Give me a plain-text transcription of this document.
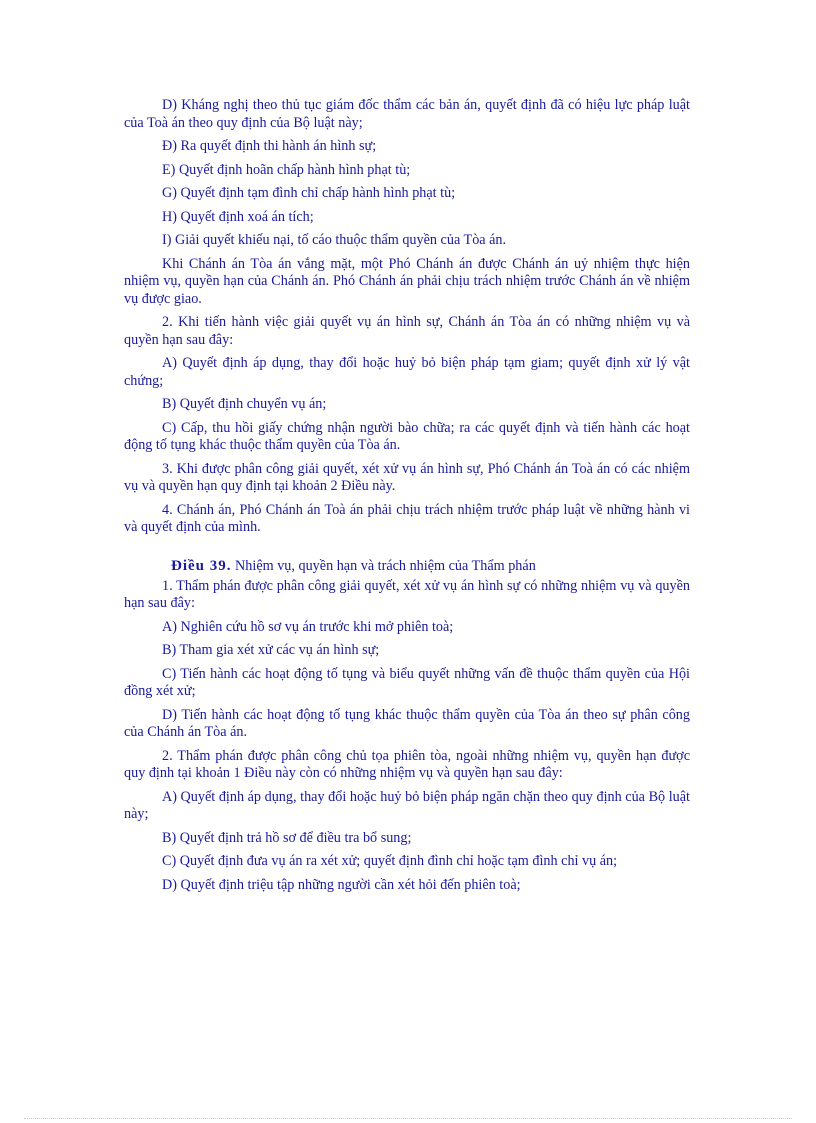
D) Kháng nghị theo thủ tục giám đốc thẩm các bản án, quyết định đã có hiệu lực pháp luật của Toà án theo quy định của Bộ luật này;

Đ) Ra quyết định thi hành án hình sự;

E) Quyết định hoãn chấp hành hình phạt tù;

G) Quyết định tạm đình chỉ chấp hành hình phạt tù;

H) Quyết định xoá án tích;

I) Giải quyết khiếu nại, tố cáo thuộc thẩm quyền của Tòa án.

Khi Chánh án Tòa án vắng mặt, một Phó Chánh án được Chánh án uỷ nhiệm thực hiện nhiệm vụ, quyền hạn của Chánh án. Phó Chánh án phải chịu trách nhiệm trước Chánh án về nhiệm vụ được giao.

2. Khi tiến hành việc giải quyết vụ án hình sự, Chánh án Tòa án có những nhiệm vụ và quyền hạn sau đây:

A) Quyết định áp dụng, thay đổi hoặc huỷ bỏ biện pháp tạm giam; quyết định xử lý vật chứng;

B) Quyết định chuyển vụ án;

C) Cấp, thu hồi giấy chứng nhận người bào chữa; ra các quyết định và tiến hành các hoạt động tố tụng khác thuộc thẩm quyền của Tòa án.

3. Khi được phân công giải quyết, xét xử vụ án hình sự, Phó Chánh án Toà án có các nhiệm vụ và quyền hạn quy định tại khoản 2 Điều này.

4. Chánh án, Phó Chánh án Toà án phải chịu trách nhiệm trước pháp luật về những hành vi và quyết định của mình.

Điều 39. Nhiệm vụ, quyền hạn và trách nhiệm của Thẩm phán

1. Thẩm phán được phân công giải quyết, xét xử vụ án hình sự có những nhiệm vụ và quyền hạn sau đây:

A) Nghiên cứu hồ sơ vụ án trước khi mở phiên toà;

B) Tham gia xét xử các vụ án hình sự;

C) Tiến hành các hoạt động tố tụng và biểu quyết những vấn đề thuộc thẩm quyền của Hội đồng xét xử;

D) Tiến hành các hoạt động tố tụng khác thuộc thẩm quyền của Tòa án theo sự phân công của Chánh án Tòa án.

2. Thẩm phán được phân công chủ tọa phiên tòa, ngoài những nhiệm vụ, quyền hạn được quy định tại khoản 1 Điều này còn có những nhiệm vụ và quyền hạn sau đây:

A) Quyết định áp dụng, thay đổi hoặc huỷ bỏ biện pháp ngăn chặn theo quy định của Bộ luật này;

B) Quyết định trả hồ sơ để điều tra bổ sung;

C) Quyết định đưa vụ án ra xét xử; quyết định đình chỉ hoặc tạm đình chỉ vụ án;

D) Quyết định triệu tập những người cần xét hỏi đến phiên toà;
